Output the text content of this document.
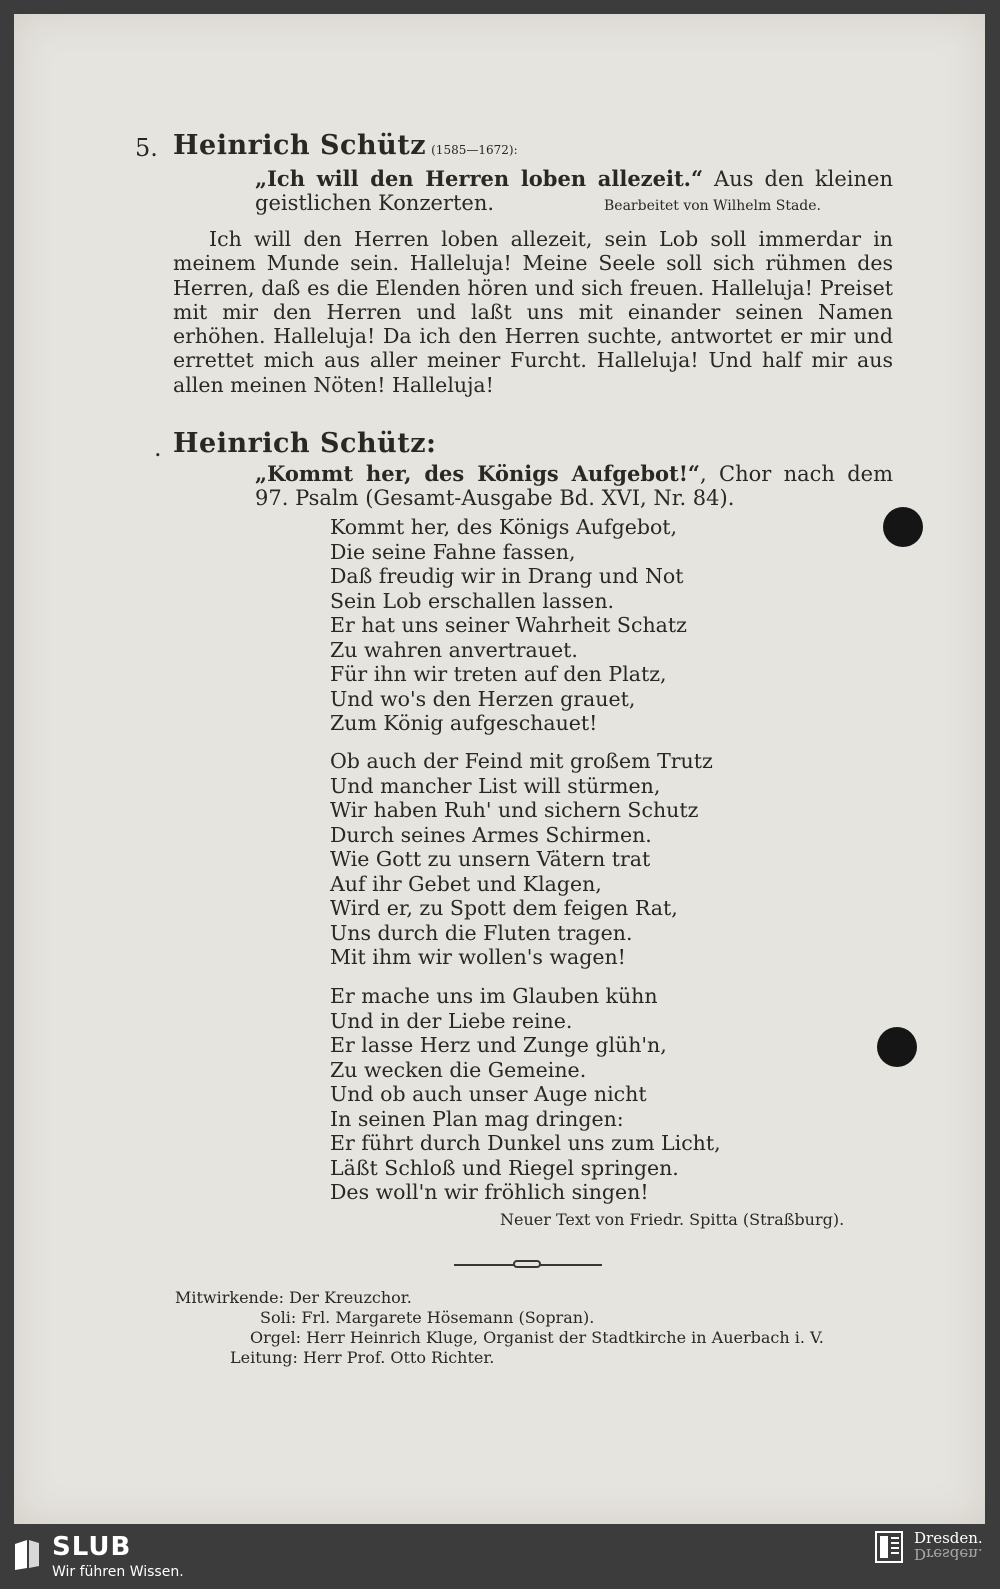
5. Heinrich Schütz (1585—1672):
„Ich will den Herren loben allezeit.“ Aus den kleinen geistlichen Konzerten.	Bearbeitet von Wilhelm Stade.
Ich will den Herren loben allezeit, sein Lob soll immerdar in meinem Munde sein. Halleluja! Meine Seele soll sich rühmen des Herren, daß es die Elenden hören und sich freuen. Halleluja! Preiset mit mir den Herren und laßt uns mit einander seinen Namen erhöhen. Halleluja! Da ich den Herren suchte, antwortet er mir und errettet mich aus aller meiner Furcht. Halleluja! Und half mir aus allen meinen Nöten! Halleluja!
. Heinrich Schütz:
„Kommt her, des Königs Aufgebot!“, Chor nach dem 97. Psalm (Gesamt-Ausgabe Bd. XVI, Nr. 84).
Kommt her, des Königs Aufgebot,
Die seine Fahne fassen,
Daß freudig wir in Drang und Not
Sein Lob erschallen lassen.
Er hat uns seiner Wahrheit Schatz
Zu wahren anvertrauet.
Für ihn wir treten auf den Platz,
Und wo's den Herzen grauet,
Zum König aufgeschauet!
Ob auch der Feind mit großem Trutz
Und mancher List will stürmen,
Wir haben Ruh' und sichern Schutz
Durch seines Armes Schirmen.
Wie Gott zu unsern Vätern trat
Auf ihr Gebet und Klagen,
Wird er, zu Spott dem feigen Rat,
Uns durch die Fluten tragen.
Mit ihm wir wollen's wagen!
Er mache uns im Glauben kühn
Und in der Liebe reine.
Er lasse Herz und Zunge glüh'n,
Zu wecken die Gemeine.
Und ob auch unser Auge nicht
In seinen Plan mag dringen:
Er führt durch Dunkel uns zum Licht,
Läßt Schloß und Riegel springen.
Des woll'n wir fröhlich singen!
Neuer Text von Friedr. Spitta (Straßburg).
Mitwirkende: Der Kreuzchor.
Soli: Frl. Margarete Hösemann (Sopran).
Orgel: Herr Heinrich Kluge, Organist der Stadtkirche in Auerbach i. V.
Leitung: Herr Prof. Otto Richter.
SLUB
Wir führen Wissen.
Dresden.
Dresden.
